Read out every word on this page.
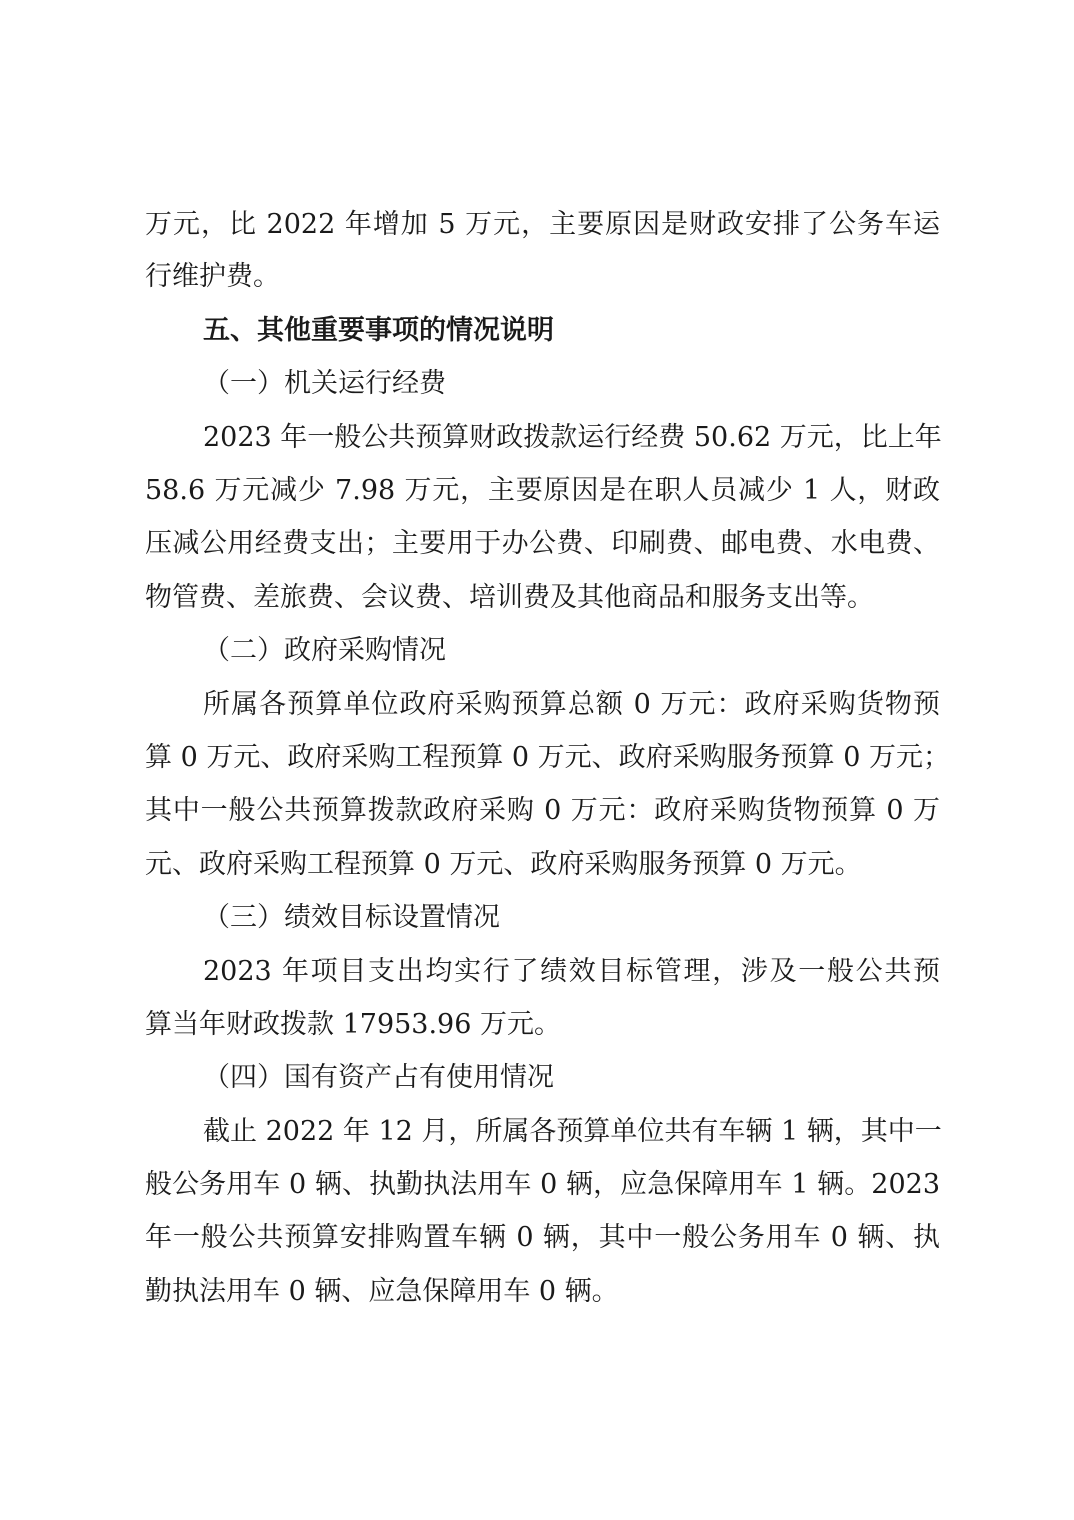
万元，比 2022 年增加 5 万元，主要原因是财政安排了公务车运
行维护费。
五、其他重要事项的情况说明
（一）机关运行经费
2023 年一般公共预算财政拨款运行经费 50.62 万元，比上年
58.6 万元减少 7.98 万元，主要原因是在职人员减少 1 人，财政
压减公用经费支出；主要用于办公费、印刷费、邮电费、水电费、
物管费、差旅费、会议费、培训费及其他商品和服务支出等。
（二）政府采购情况
所属各预算单位政府采购预算总额 0 万元：政府采购货物预
算 0 万元、政府采购工程预算 0 万元、政府采购服务预算 0 万元；
其中一般公共预算拨款政府采购 0 万元：政府采购货物预算 0 万
元、政府采购工程预算 0 万元、政府采购服务预算 0 万元。
（三）绩效目标设置情况
2023 年项目支出均实行了绩效目标管理，涉及一般公共预
算当年财政拨款 17953.96 万元。
（四）国有资产占有使用情况
截止 2022 年 12 月，所属各预算单位共有车辆 1 辆，其中一
般公务用车 0 辆、执勤执法用车 0 辆，应急保障用车 1 辆。2023
年一般公共预算安排购置车辆 0 辆，其中一般公务用车 0 辆、执
勤执法用车 0 辆、应急保障用车 0 辆。
